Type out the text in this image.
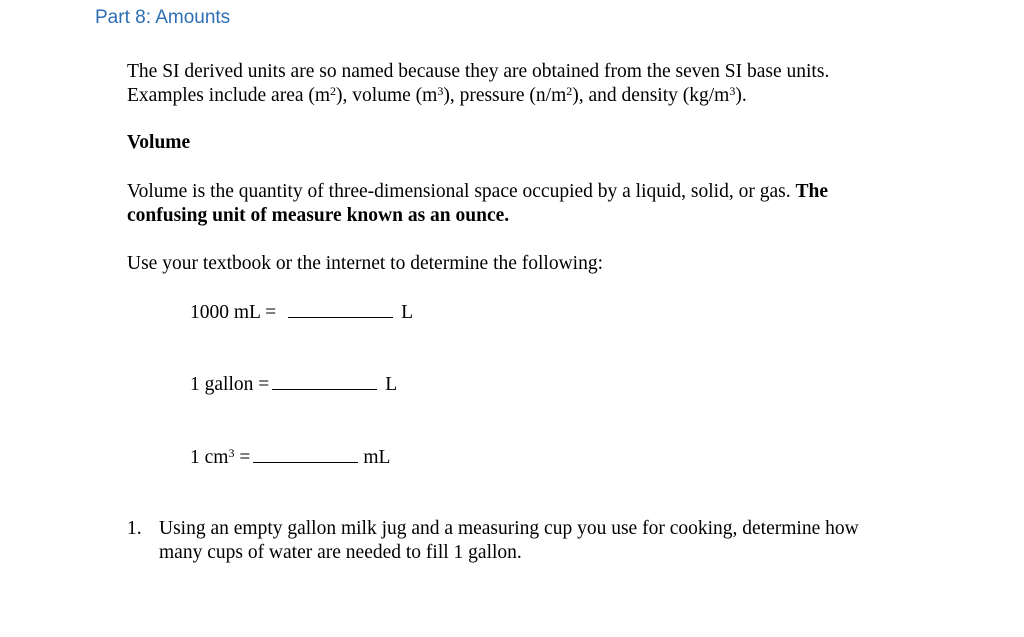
Part 8: Amounts
The SI derived units are so named because they are obtained from the seven SI base units.
Examples include area $(m^2)$, volume $(m^3)$, pressure $(n/m^2)$, and density $(kg/m^3)$.
Volume
Volume is the quantity of three-dimensional space occupied by a liquid, solid, or gas. The
confusing unit of measure known as an ounce.
Use your textbook or the internet to determine the following:
1000 mL =	L
1 gallon =	L
1 $cm^3$ =	mL
1. Using an empty gallon milk jug and a measuring cup you use for cooking, determine how
many cups of water are needed to fill 1 gallon.
